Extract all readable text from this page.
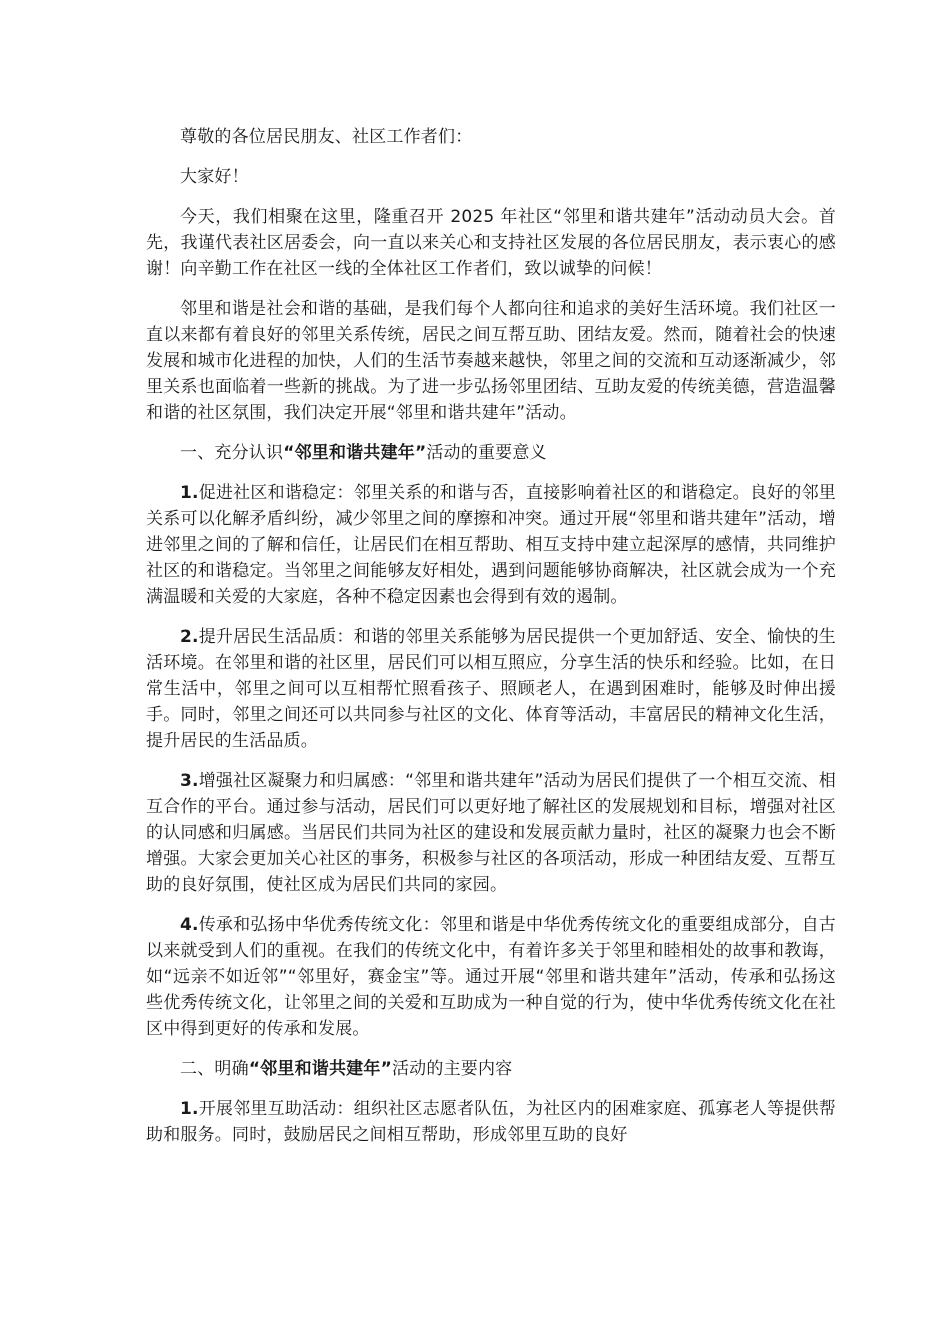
尊敬的各位居民朋友、社区工作者们：

大家好！

今天，我们相聚在这里，隆重召开 2025 年社区“邻里和谐共建年”活动动员大会。首先，我谨代表社区居委会，向一直以来关心和支持社区发展的各位居民朋友，表示衷心的感谢！向辛勤工作在社区一线的全体社区工作者们，致以诚挚的问候！

邻里和谐是社会和谐的基础，是我们每个人都向往和追求的美好生活环境。我们社区一直以来都有着良好的邻里关系传统，居民之间互帮互助、团结友爱。然而，随着社会的快速发展和城市化进程的加快，人们的生活节奏越来越快，邻里之间的交流和互动逐渐减少，邻里关系也面临着一些新的挑战。为了进一步弘扬邻里团结、互助友爱的传统美德，营造温馨和谐的社区氛围，我们决定开展“邻里和谐共建年”活动。

一、充分认识“邻里和谐共建年”活动的重要意义

1.促进社区和谐稳定：邻里关系的和谐与否，直接影响着社区的和谐稳定。良好的邻里关系可以化解矛盾纠纷，减少邻里之间的摩擦和冲突。通过开展“邻里和谐共建年”活动，增进邻里之间的了解和信任，让居民们在相互帮助、相互支持中建立起深厚的感情，共同维护社区的和谐稳定。当邻里之间能够友好相处，遇到问题能够协商解决，社区就会成为一个充满温暖和关爱的大家庭，各种不稳定因素也会得到有效的遏制。

2.提升居民生活品质：和谐的邻里关系能够为居民提供一个更加舒适、安全、愉快的生活环境。在邻里和谐的社区里，居民们可以相互照应，分享生活的快乐和经验。比如，在日常生活中，邻里之间可以互相帮忙照看孩子、照顾老人，在遇到困难时，能够及时伸出援手。同时，邻里之间还可以共同参与社区的文化、体育等活动，丰富居民的精神文化生活，提升居民的生活品质。

3.增强社区凝聚力和归属感：“邻里和谐共建年”活动为居民们提供了一个相互交流、相互合作的平台。通过参与活动，居民们可以更好地了解社区的发展规划和目标，增强对社区的认同感和归属感。当居民们共同为社区的建设和发展贡献力量时，社区的凝聚力也会不断增强。大家会更加关心社区的事务，积极参与社区的各项活动，形成一种团结友爱、互帮互助的良好氛围，使社区成为居民们共同的家园。

4.传承和弘扬中华优秀传统文化：邻里和谐是中华优秀传统文化的重要组成部分，自古以来就受到人们的重视。在我们的传统文化中，有着许多关于邻里和睦相处的故事和教诲，如“远亲不如近邻”“邻里好，赛金宝”等。通过开展“邻里和谐共建年”活动，传承和弘扬这些优秀传统文化，让邻里之间的关爱和互助成为一种自觉的行为，使中华优秀传统文化在社区中得到更好的传承和发展。

二、明确“邻里和谐共建年”活动的主要内容

1.开展邻里互助活动：组织社区志愿者队伍，为社区内的困难家庭、孤寡老人等提供帮助和服务。同时，鼓励居民之间相互帮助，形成邻里互助的良好
